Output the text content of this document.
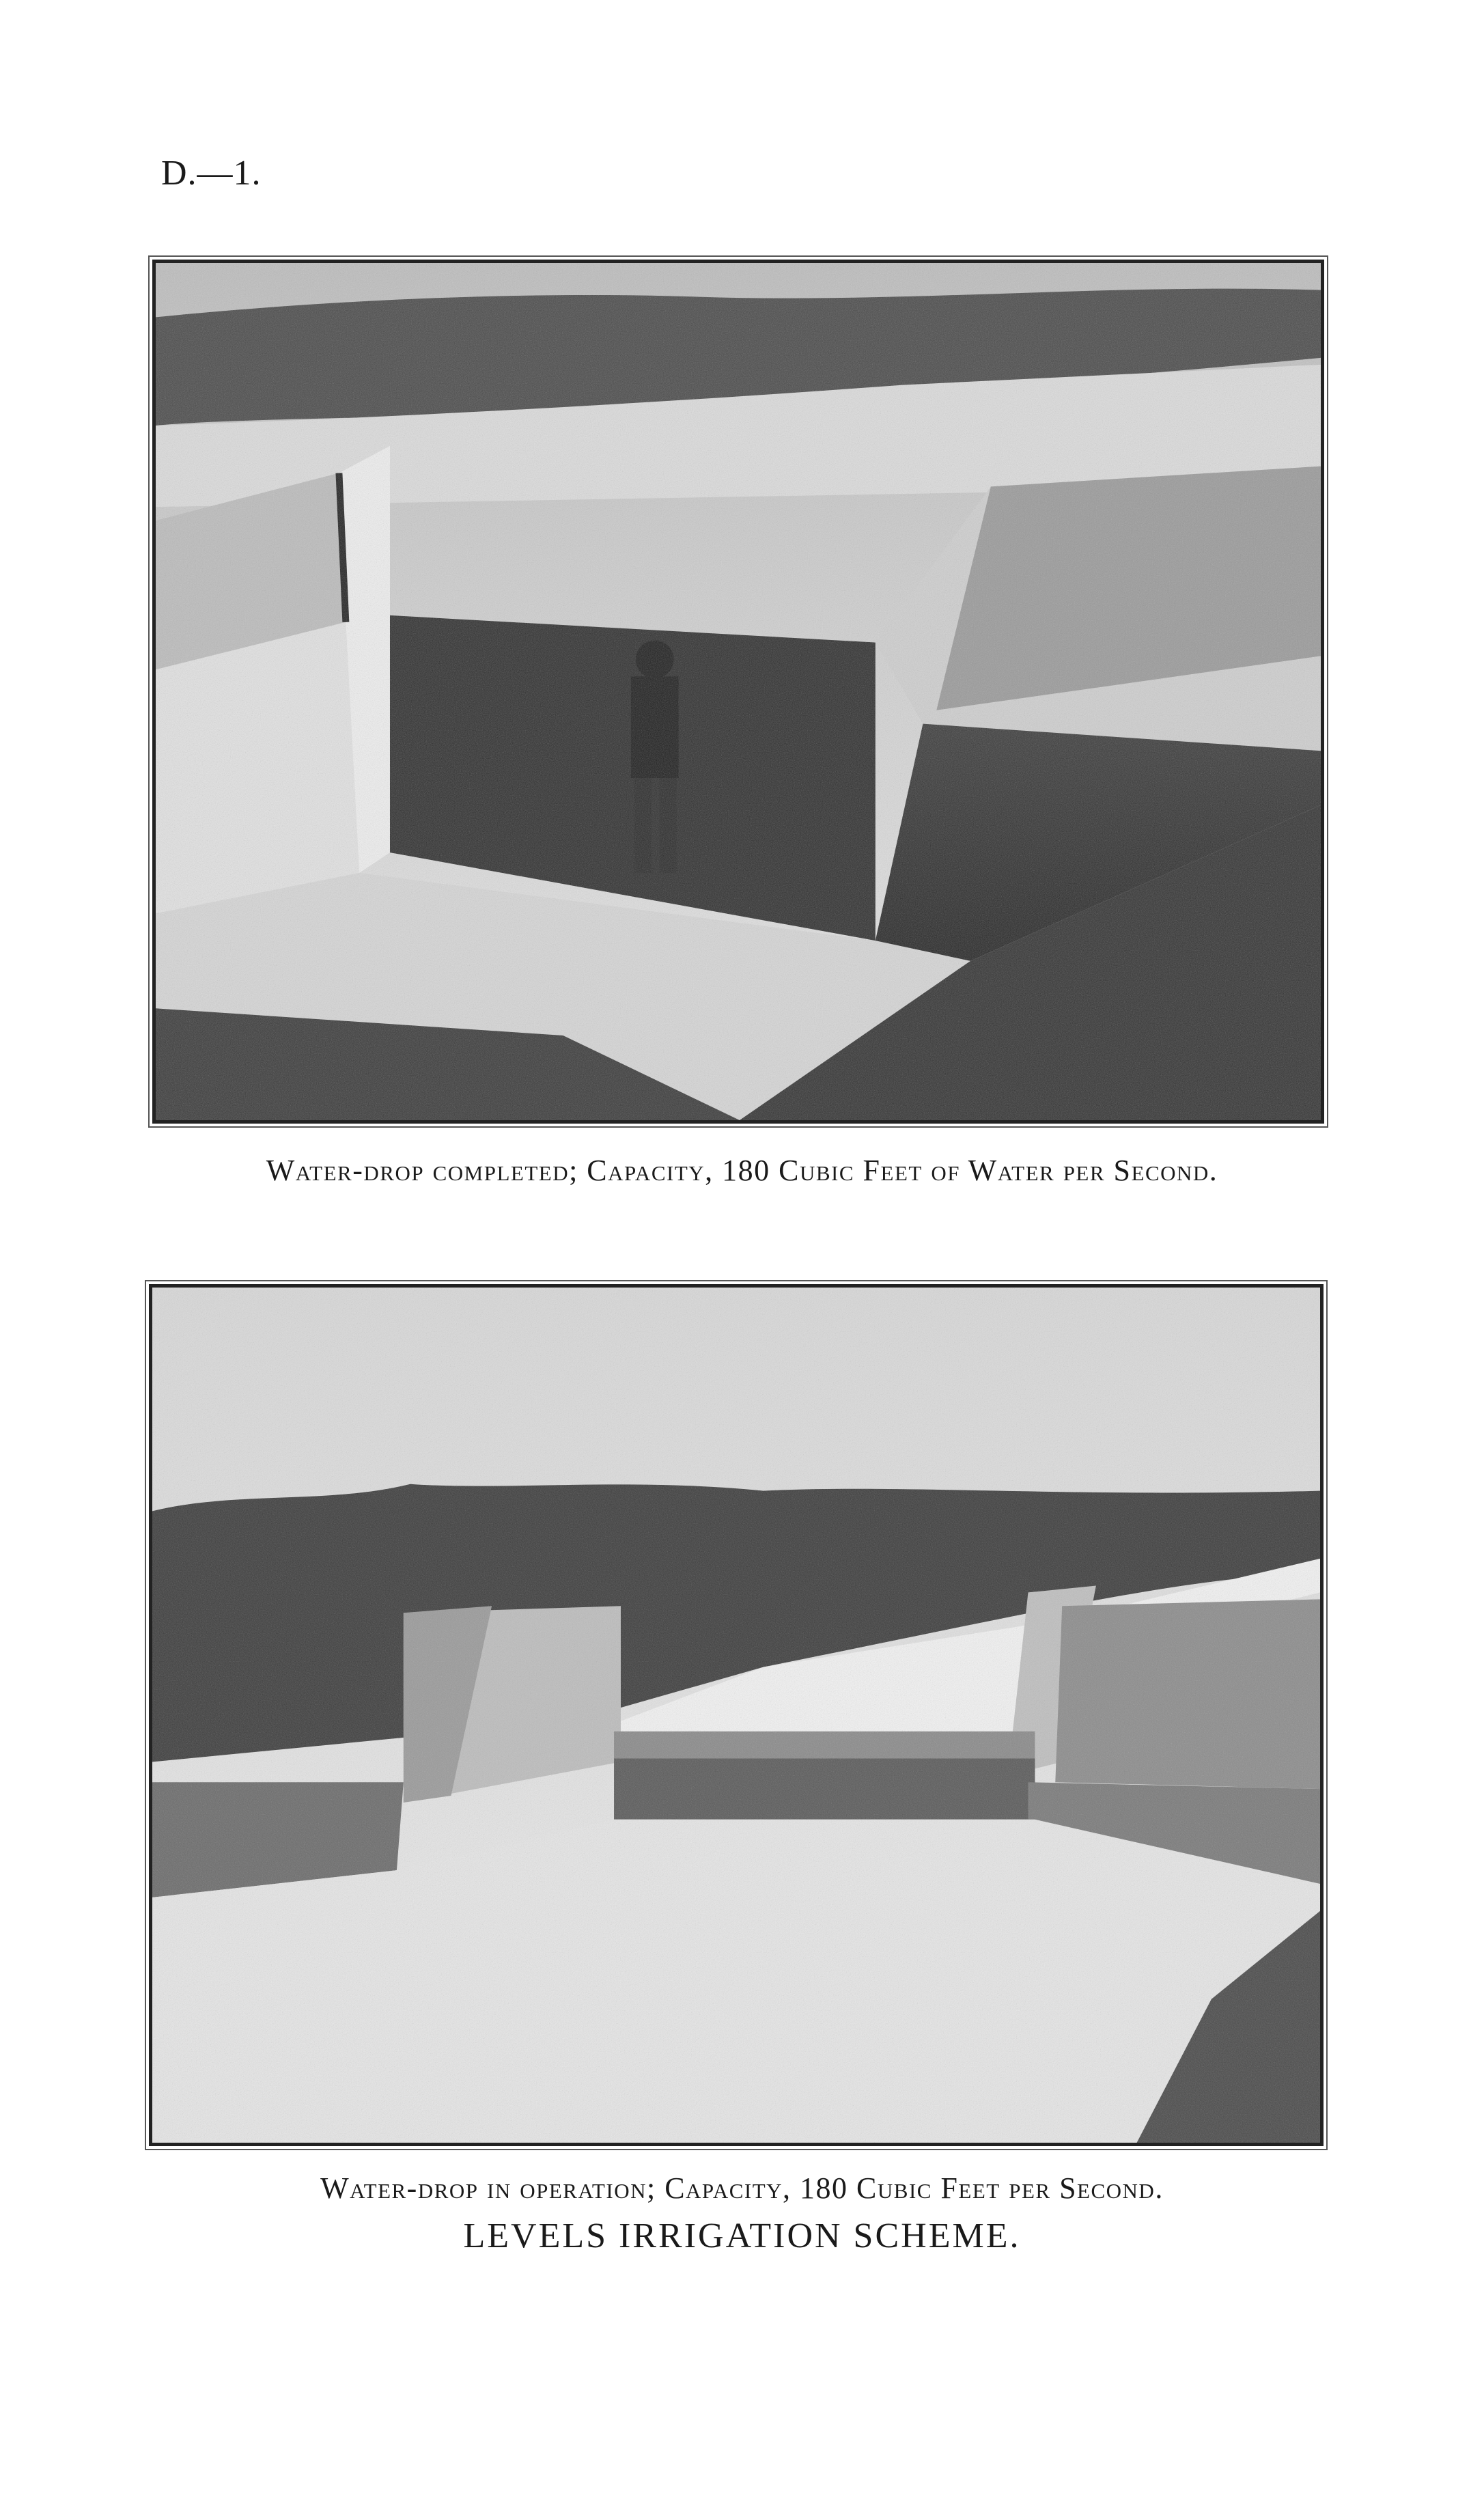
D.—1.
Water-drop completed; Capacity, 180 Cubic Feet of Water per Second.
Water-drop in operation; Capacity, 180 Cubic Feet per Second.
LEVELS IRRIGATION SCHEME.
